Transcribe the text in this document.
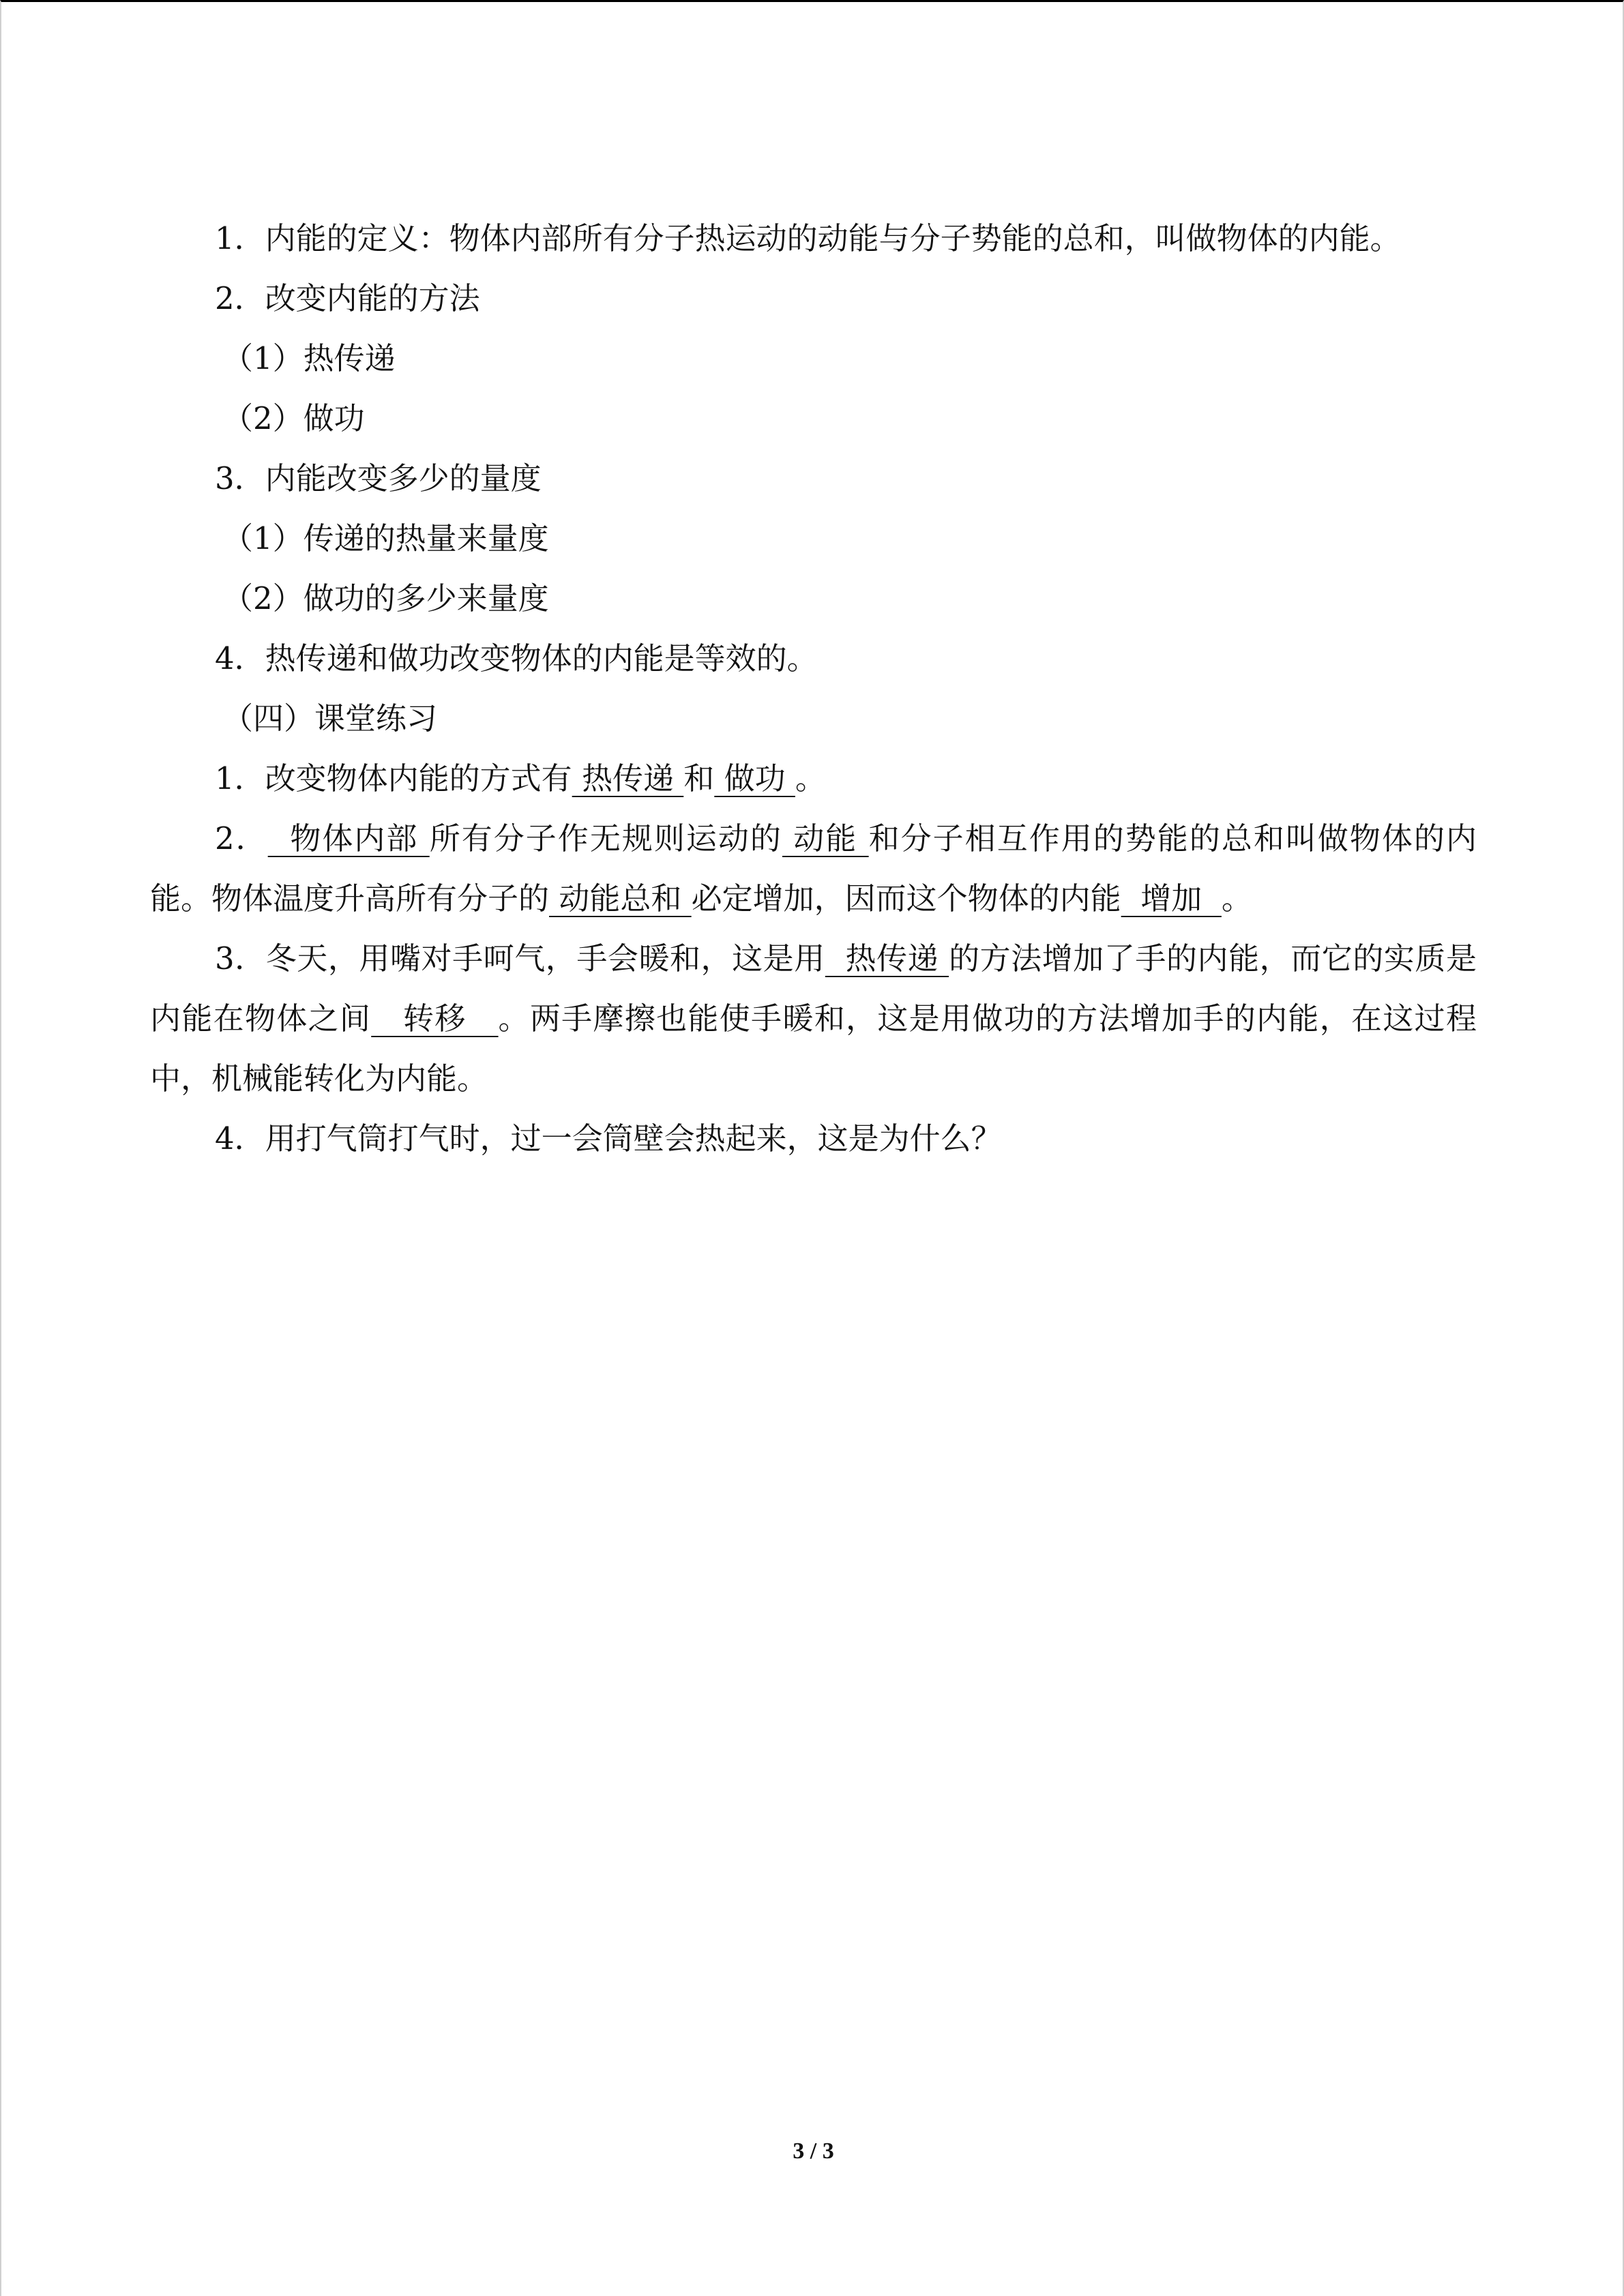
1．内能的定义：物体内部所有分子热运动的动能与分子势能的总和，叫做物体的内能。

2．改变内能的方法

（1）热传递

（2）做功

3．内能改变多少的量度

（1）传递的热量来量度

（2）做功的多少来量度

4．热传递和做功改变物体的内能是等效的。

（四）课堂练习

1．改变物体内能的方式有 热传递 和 做功 。

2．  物体内部 所有分子作无规则运动的 动能 和分子相互作用的势能的总和叫做物体的内能。物体温度升高所有分子的 动能总和 必定增加，因而这个物体的内能  增加  。

3．冬天，用嘴对手呵气，手会暖和，这是用  热传递 的方法增加了手的内能，而它的实质是内能在物体之间   转移   。两手摩擦也能使手暖和，这是用做功的方法增加手的内能，在这过程中，机械能转化为内能。

4．用打气筒打气时，过一会筒壁会热起来，这是为什么？

3 / 3
